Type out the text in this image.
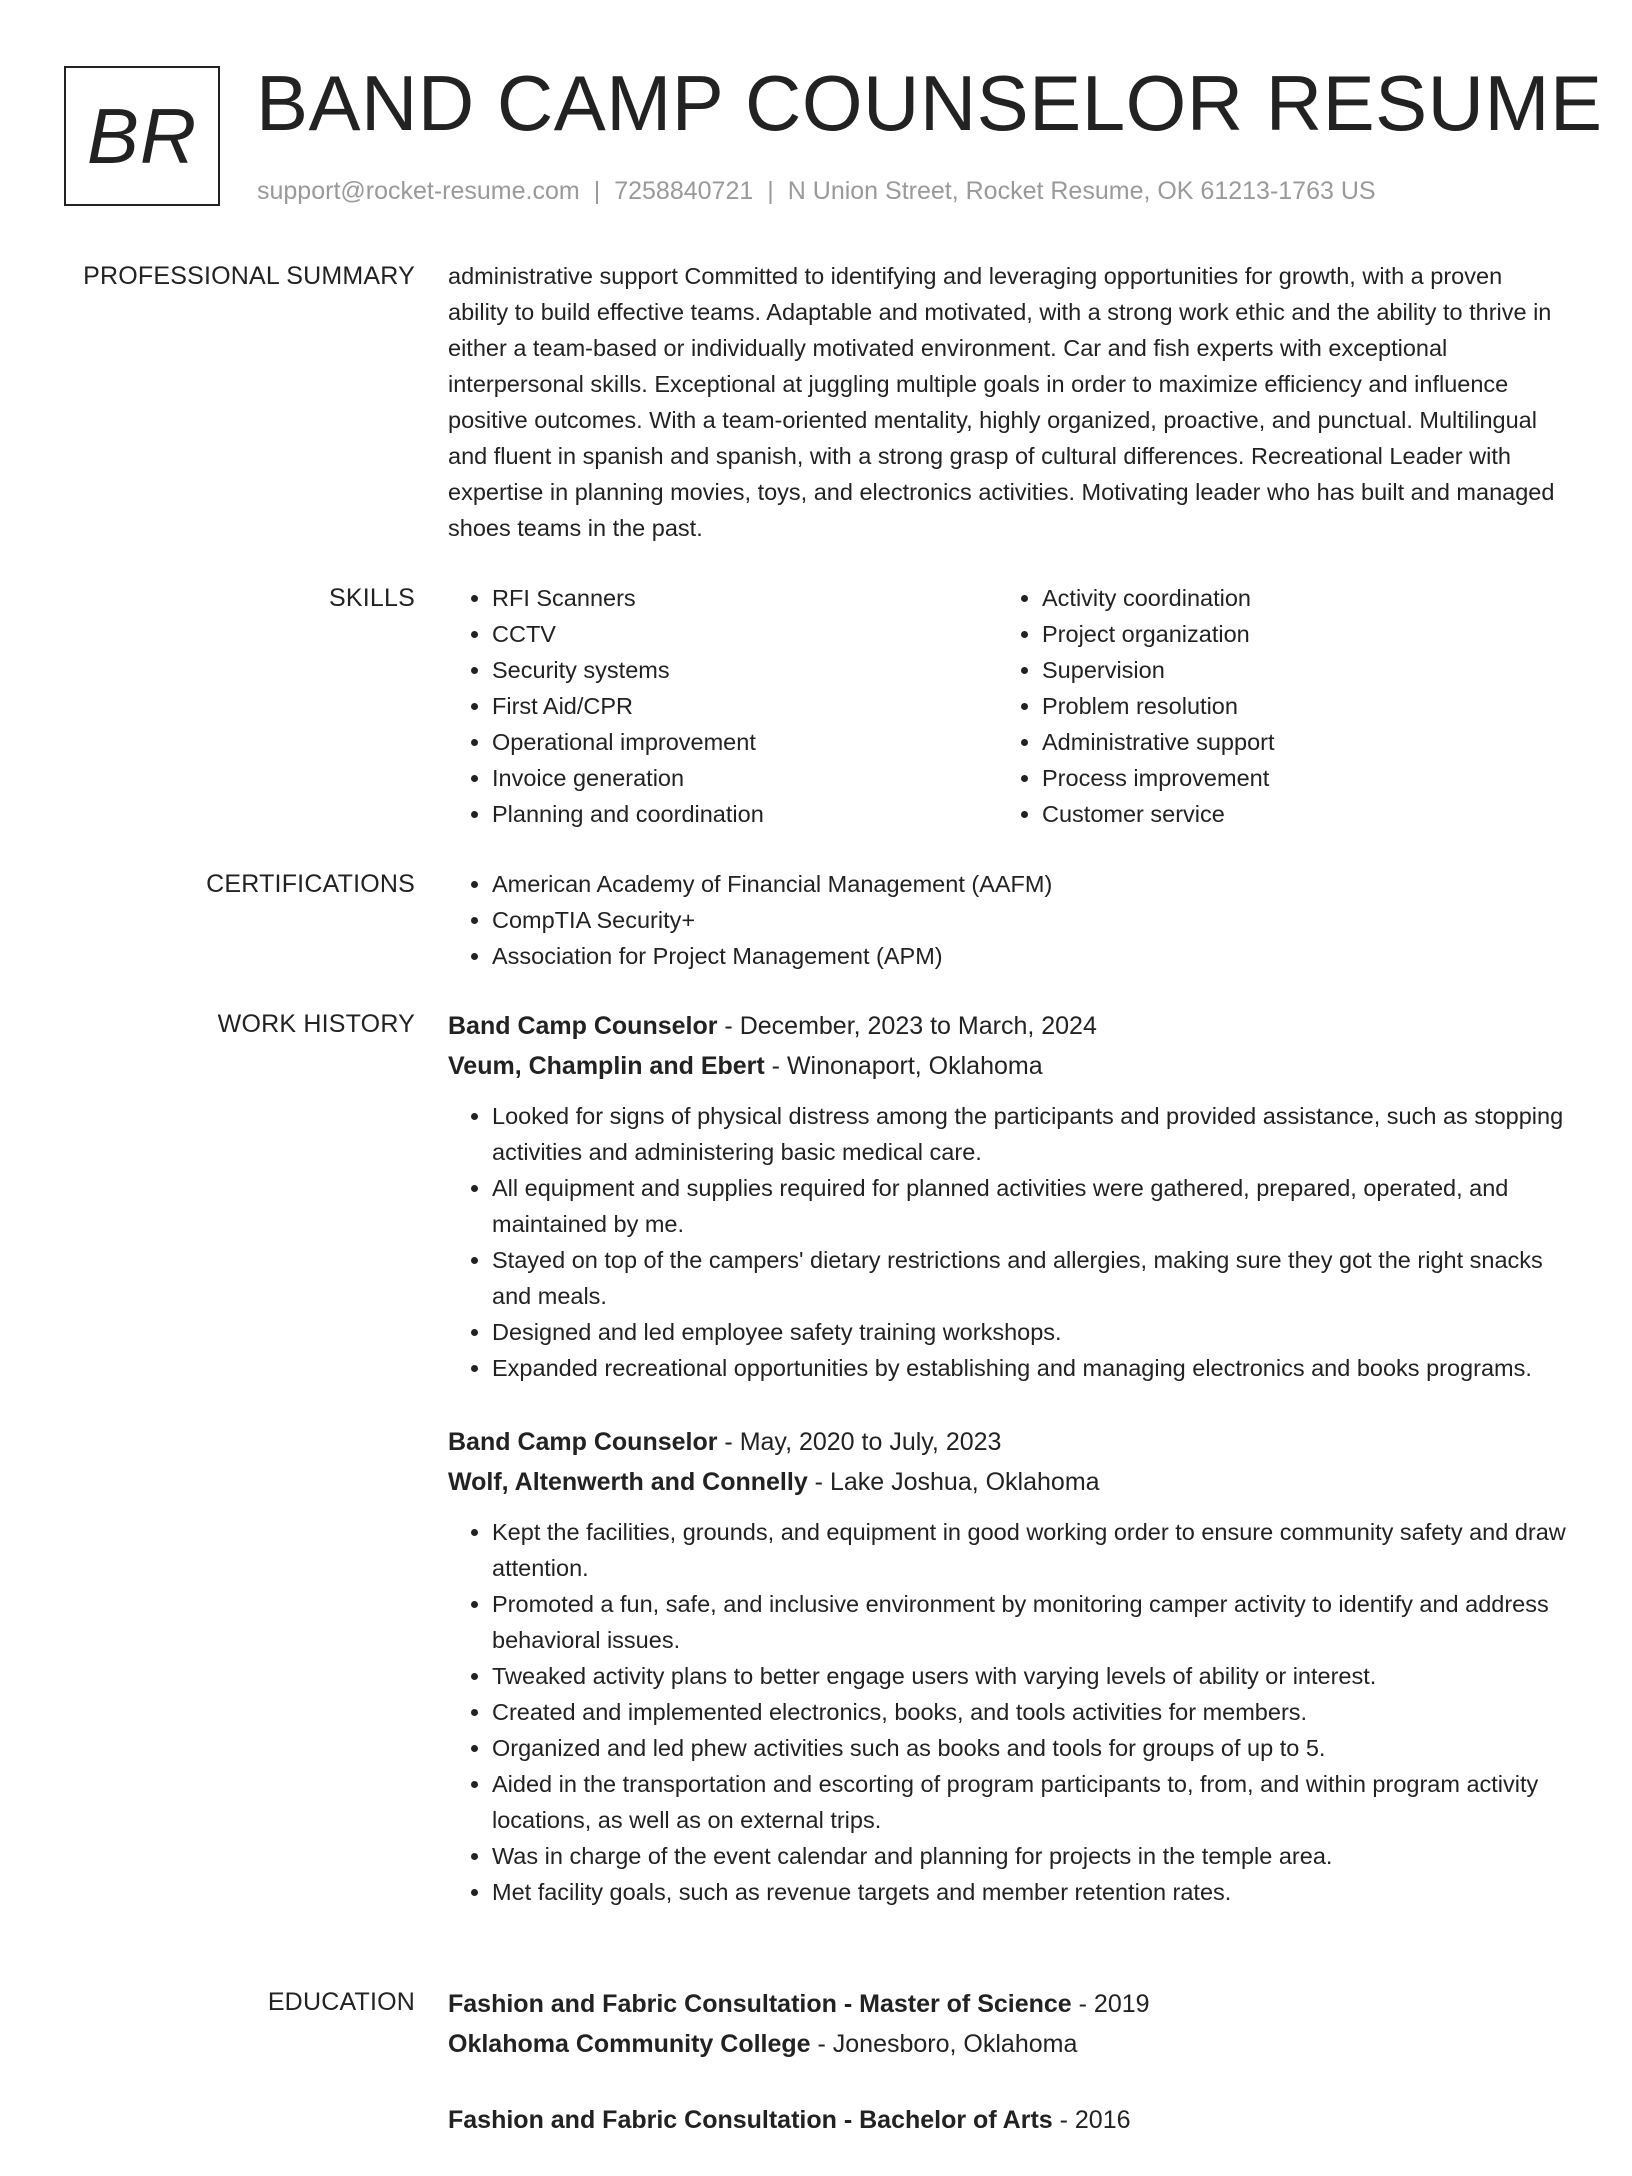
BR BAND CAMP COUNSELOR RESUME
support@rocket-resume.com | 7258840721 | N Union Street, Rocket Resume, OK 61213-1763 US
PROFESSIONAL SUMMARY administrative support Committed to identifying and leveraging opportunities for growth, with a proven ability to build effective teams. Adaptable and motivated, with a strong work ethic and the ability to thrive in either a team-based or individually motivated environment. Car and fish experts with exceptional interpersonal skills. Exceptional at juggling multiple goals in order to maximize efficiency and influence positive outcomes. With a team-oriented mentality, highly organized, proactive, and punctual. Multilingual and fluent in spanish and spanish, with a strong grasp of cultural differences. Recreational Leader with expertise in planning movies, toys, and electronics activities. Motivating leader who has built and managed shoes teams in the past.
SKILLS	• RFI Scanners
• CCTV
• Security systems
• First Aid/CPR
• Operational improvement
• Invoice generation
• Planning and coordination
• Activity coordination
• Project organization
• Supervision
• Problem resolution
• Administrative support
• Process improvement
• Customer service
CERTIFICATIONS	• American Academy of Financial Management (AAFM)
• CompTIA Security+
• Association for Project Management (APM)
WORK HISTORY Band Camp Counselor - December, 2023 to March, 2024
Veum, Champlin and Ebert - Winonaport, Oklahoma
• Looked for signs of physical distress among the participants and provided assistance, such as stopping activities and administering basic medical care.
• All equipment and supplies required for planned activities were gathered, prepared, operated, and maintained by me.
• Stayed on top of the campers' dietary restrictions and allergies, making sure they got the right snacks and meals.
• Designed and led employee safety training workshops.
• Expanded recreational opportunities by establishing and managing electronics and books programs.
Band Camp Counselor - May, 2020 to July, 2023
Wolf, Altenwerth and Connelly - Lake Joshua, Oklahoma
• Kept the facilities, grounds, and equipment in good working order to ensure community safety and draw attention.
• Promoted a fun, safe, and inclusive environment by monitoring camper activity to identify and address behavioral issues.
• Tweaked activity plans to better engage users with varying levels of ability or interest.
• Created and implemented electronics, books, and tools activities for members.
• Organized and led phew activities such as books and tools for groups of up to 5.
• Aided in the transportation and escorting of program participants to, from, and within program activity locations, as well as on external trips.
• Was in charge of the event calendar and planning for projects in the temple area.
• Met facility goals, such as revenue targets and member retention rates.
EDUCATION Fashion and Fabric Consultation - Master of Science - 2019
Oklahoma Community College - Jonesboro, Oklahoma
Fashion and Fabric Consultation - Bachelor of Arts - 2016
